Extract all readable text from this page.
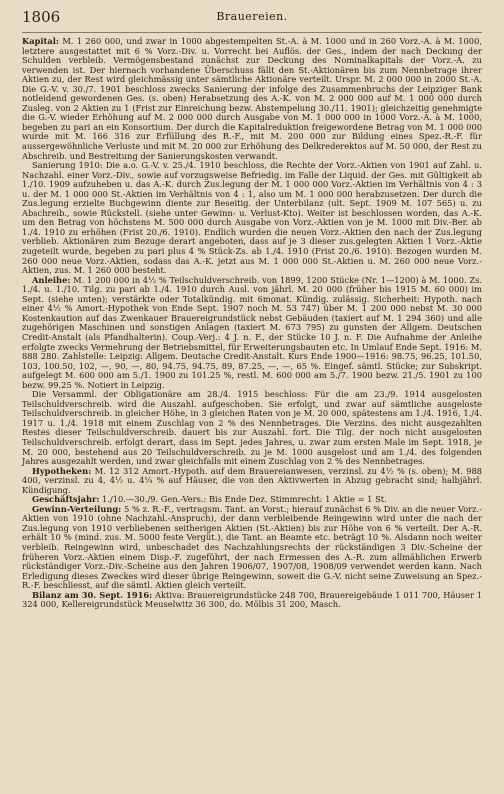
1806	Brauereien.

Kapital: M. 1 260 000, und zwar in 1000 abgestempelten St.-A. à M. 1000 und in 260 Vorz.-A. à M. 1000, letztere ausgestattet mit 6 % Vorz.-Div. u. Vorrecht bei Auflös. der Ges., indem der nach Deckung der Schulden verbleib. Vermögensbestand zunächst zur Deckung des Nominalkapitals der Vorz.-A. zu verwenden ist. Der hiernach vorhandene Überschuss fällt den St.-Aktionären bis zum Nennbetrage ihrer Aktien zu, der Rest wird gleichmässig unter sämtliche Aktionäre verteilt. Urspr. M. 2 000 000 in 2000 St.-A. Die G.-V. v. 30./7. 1901 beschloss zwecks Sanierung der infolge des Zusammenbruchs der Leipziger Bank notleidend gewordenen Ges. (s. oben) Herabsetzung des A.-K. von M. 2 000 000 auf M. 1 000 000 durch Zusleg. von 2 Aktien zu 1 (Frist zur Einreichung bezw. Abstempelung 30./11. 1901); gleichzeitig genehmigte die G.-V. wieder Erhöhung auf M. 2 000 000 durch Ausgabe von M. 1 000 000 in 1000 Vorz.-A. à M. 1000, begeben zu pari an ein Konsortium. Der durch die Kapitalreduktion freigewordene Betrag von M. 1 000 000 wurde mit M. 166 316 zur Erfüllung des R.-F., mit M. 200 000 zur Bildung eines Spez.-R.-F. für aussergewöhnliche Verluste und mit M. 20 000 zur Erhöhung des Delkrederektos auf M. 50 000, der Rest zu Abschreib. und Bestreitung der Sanierungskosten verwandt.

Sanierung 1910: Die a.o. G.-V. v. 25./4. 1910 beschloss, die Rechte der Vorz.-Aktien von 1901 auf Zahl. u. Nachzahl. einer Vorz.-Div., sowie auf vorzugsweise Befriedig. im Falle der Liquid. der Ges. mit Gültigkeit ab 1./10. 1909 aufzuheben u. das A.-K. durch Zus.legung der M. 1 000 000 Vorz.-Aktien im Verhältnis von 4 : 3 u. der M. 1 000 000 St.-Aktien im Verhältnis von 4 : 1, also um M. 1 000 000 herabzusetzen. Der durch die Zus.legung erzielte Buchgewinn diente zur Beseitig. der Unterbilanz (ult. Sept. 1909 M. 107 565) u. zu Abschreib., sowie Rückstell. (siehe unter Gewinn- u. Verlust-Kto). Weiter ist beschlossen worden, das A.-K. um den Betrag von höchstens M. 500 000 durch Ausgabe von Vorz.-Aktien von je M. 1000 mit Div.-Ber. ab 1./4. 1910 zu erhöhen (Frist 20./6. 1910). Endlich wurden die neuen Vorz.-Aktien den nach der Zus.legung verblieb. Aktionären zum Bezuge derart angeboten, dass auf je 3 dieser zus.gelegten Aktien 1 Vorz.-Aktie zugeteilt wurde, begeben zu pari plus 4 % Stück-Zs. ab 1./4. 1910 (Frist 20./6. 1910). Bezogen wurden M. 260 000 neue Vorz.-Aktien, sodass das A.-K. jetzt aus M. 1 000 000 St.-Aktien u. M. 260 000 neue Vorz.-Aktien, zus. M. 1 260 000 besteht.

Anleihe: M. 1 200 000 in 4½ % Teilschuldverschreib. von 1899, 1200 Stücke (Nr. 1—1200) à M. 1000. Zs. 1./4. u. 1./10. Tilg. zu pari ab 1./4. 1910 durch Ausl. von jährl. M. 20 000 (früher bis 1915 M. 60 000) im Sept. (siehe unten); verstärkte oder Totalkündig. mit 6monat. Kündig. zulässig. Sicherheit: Hypoth. nach einer 4½ % Amort.-Hypothek von Ende Sept. 1907 noch M. 53 747) über M. 1 200 000 nebst M. 30 000 Kostenkaution auf das Zwenkauer Brauereigrundstück nebst Gebäuden (taxiert auf M. 1 294 360) und alle zugehörigen Maschinen und sonstigen Anlagen (taxiert M. 673 795) zu gunsten der Allgem. Deutschen Credit-Anstalt (als Pfandhalterin). Coup.-Verj.: 4 J. n. F., der Stücke 10 J. n. F. Die Aufnahme der Anleihe erfolgte zwecks Vermehrung der Betriebsmittel, für Erweiterungsbauten etc. In Umlauf Ende Sept. 1916: M. 888 280. Zahlstelle: Leipzig: Allgem. Deutsche Credit-Anstalt. Kurs Ende 1900—1916: 98.75, 96.25, 101.50, 103, 100.50, 102, —, 90, —, 80, 94.75, 94.75, 89, 87.25, —, —, 65 %. Eingef. sämtl. Stücke; zur Subskript. aufgelegt M. 600 000 am 5./1. 1900 zu 101.25 %, restl. M. 600 000 am 5./7. 1900 bezw. 21./5. 1901 zu 100 bezw. 99.25 %. Notiert in Leipzig.

Die Versamml. der Obligationäre am 28./4. 1915 beschloss: Für die am 23./9. 1914 ausgelosten Teilschuldverschreib. wird die Auszahl. aufgeschoben. Sie erfolgt, und zwar auf sämtliche ausgeloste Teilschuldverschreib. in gleicher Höhe, in 3 gleichen Raten von je M. 20 000, spätestens am 1./4. 1916, 1./4. 1917 u. 1./4. 1918 mit einem Zuschlag von 2 % des Nennbetrages. Die Verzins. des nicht ausgezahlten Restes dieser Teilschuldverschreib. dauert bis zur Auszahl. fort. Die Tilg. der noch nicht ausgelosten Teilschuldverschreib. erfolgt derart, dass im Sept. jedes Jahres, u. zwar zum ersten Male im Sept. 1918, je M. 20 000, bestehend aus 20 Teilschuldverschreib. zu je M. 1000 ausgelost und am 1./4. des folgenden Jahres ausgezahlt werden, und zwar gleichfalls mit einem Zuschlag von 2 % des Nennbetrages.

Hypotheken: M. 12 312 Amort.-Hypoth. auf dem Brauereianwesen, verzinsl. zu 4½ % (s. oben); M. 988 400, verzinsl. zu 4, 4½ u. 4¼ % auf Häuser, die von den Aktivwerten in Abzug gebracht sind; halbjährl. Kündigung.

Geschäftsjahr: 1./10.—30./9. Gen.-Vers.: Bis Ende Dez. Stimmrecht: 1 Aktie = 1 St.

Gewinn-Verteilung: 5 % z. R.-F., vertragsm. Tant. an Vorst.; hierauf zunächst 6 % Div. an die neuer Vorz.-Aktien von 1910 (ohne Nachzahl.-Anspruch), der dann verbleibende Reingewinn wird unter die nach der Zus.legung von 1910 verbliebenen seitherigen Aktien (St.-Aktien) bis zur Höhe von 6 % verteilt. Der A.-R. erhält 10 % (mind. zus. M. 5000 feste Vergüt.), die Tant. an Beamte etc. beträgt 10 %. Alsdann noch weiter verbleib. Reingewinn wird, unbeschadet des Nachzahlungsrechts der rückständigen 3 Div.-Scheine der früheren Vorz.-Aktien einem Disp.-F. zugeführt, der nach Ermessen des A.-R. zum allmählichen Erwerb rückständiger Vorz.-Div.-Scheine aus den Jahren 1906/07, 1907/08, 1908/09 verwendet werden kann. Nach Erledigung dieses Zweckes wird dieser übrige Reingewinn, soweit die G.-V. nicht seine Zuweisung an Spez.-R.-F. beschliesst, auf die sämtl. Aktien gleich verteilt.

Bilanz am 30. Sept. 1916: Aktiva: Brauereigrundstücke 248 700, Brauereigebäude 1 011 700, Häuser 1 324 000, Kellereigrundstück Meuselwitz 36 300, do. Mölbis 31 200, Masch.
